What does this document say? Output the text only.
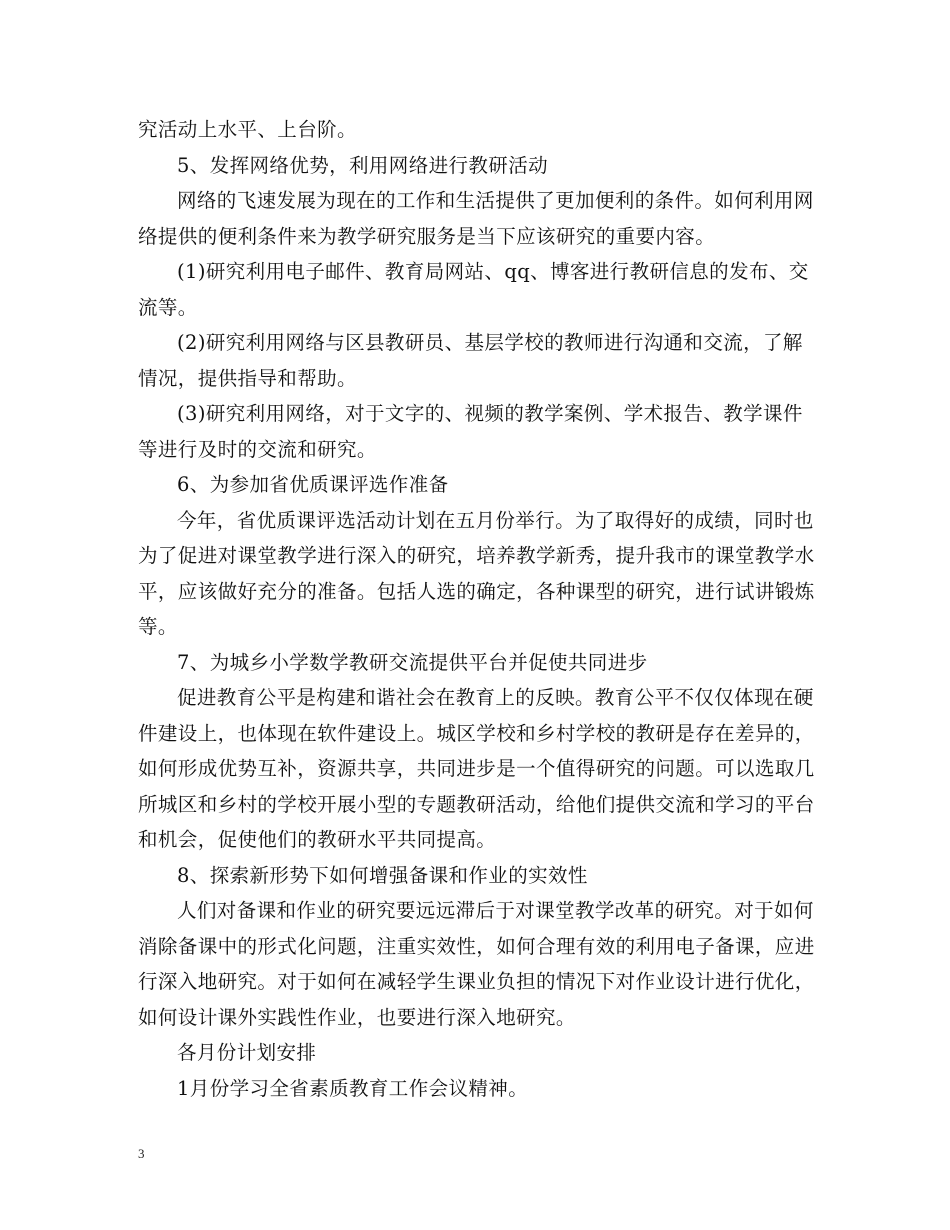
究活动上水平、上台阶。

5、发挥网络优势，利用网络进行教研活动

网络的飞速发展为现在的工作和生活提供了更加便利的条件。如何利用网络提供的便利条件来为教学研究服务是当下应该研究的重要内容。

(1)研究利用电子邮件、教育局网站、qq、博客进行教研信息的发布、交流等。

(2)研究利用网络与区县教研员、基层学校的教师进行沟通和交流，了解情况，提供指导和帮助。

(3)研究利用网络，对于文字的、视频的教学案例、学术报告、教学课件等进行及时的交流和研究。

6、为参加省优质课评选作准备

今年，省优质课评选活动计划在五月份举行。为了取得好的成绩，同时也为了促进对课堂教学进行深入的研究，培养教学新秀，提升我市的课堂教学水平，应该做好充分的准备。包括人选的确定，各种课型的研究，进行试讲锻炼等。

7、为城乡小学数学教研交流提供平台并促使共同进步

促进教育公平是构建和谐社会在教育上的反映。教育公平不仅仅体现在硬件建设上，也体现在软件建设上。城区学校和乡村学校的教研是存在差异的，如何形成优势互补，资源共享，共同进步是一个值得研究的问题。可以选取几所城区和乡村的学校开展小型的专题教研活动，给他们提供交流和学习的平台和机会，促使他们的教研水平共同提高。

8、探索新形势下如何增强备课和作业的实效性

人们对备课和作业的研究要远远滞后于对课堂教学改革的研究。对于如何消除备课中的形式化问题，注重实效性，如何合理有效的利用电子备课，应进行深入地研究。对于如何在减轻学生课业负担的情况下对作业设计进行优化，如何设计课外实践性作业，也要进行深入地研究。

各月份计划安排

1月份学习全省素质教育工作会议精神。

3
